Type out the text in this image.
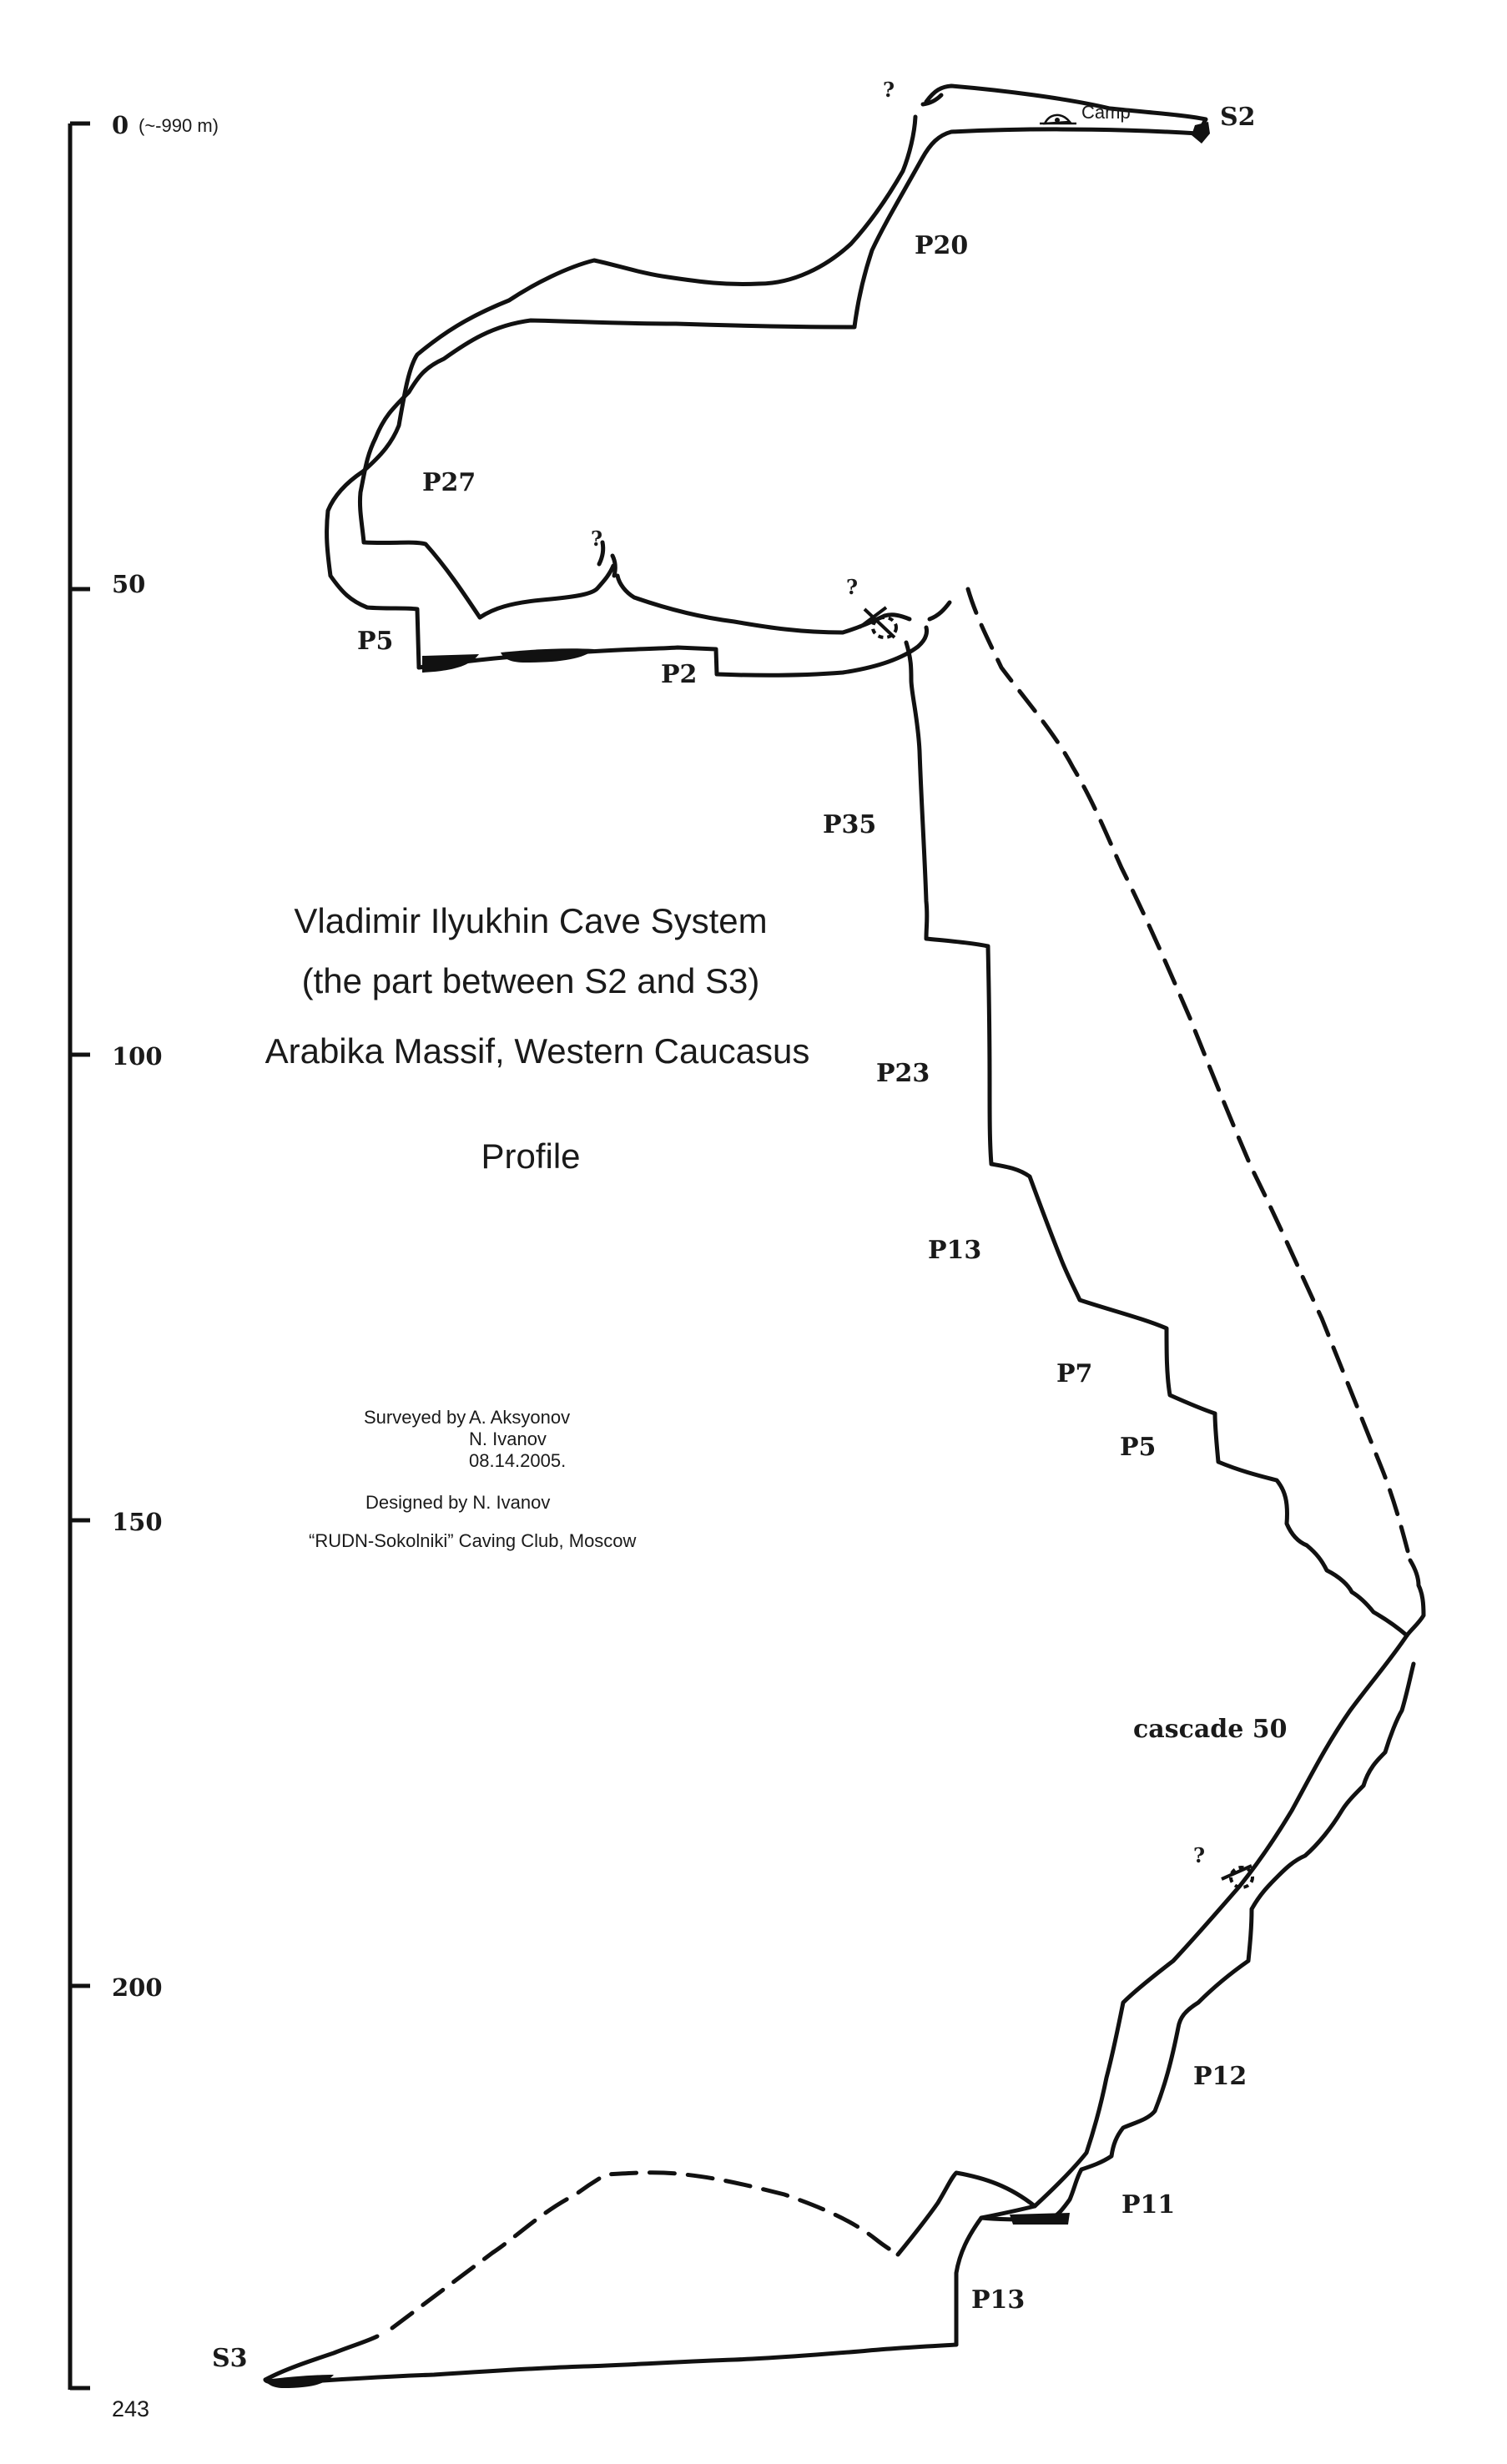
0 (~-990 m)
50
100
150
200
243
S2
Camp
?
P20
P27
?
?
P5
P2
P35
P23
P13
P7
P5
cascade 50
?
P12
P11
P13
S3
Vladimir Ilyukhin Cave System
(the part between S2 and S3)
Arabika Massif, Western Caucasus
Profile
Surveyed by A. Aksyonov
N. Ivanov
08.14.2005.
Designed by N. Ivanov
“RUDN-Sokolniki” Caving Club, Moscow
